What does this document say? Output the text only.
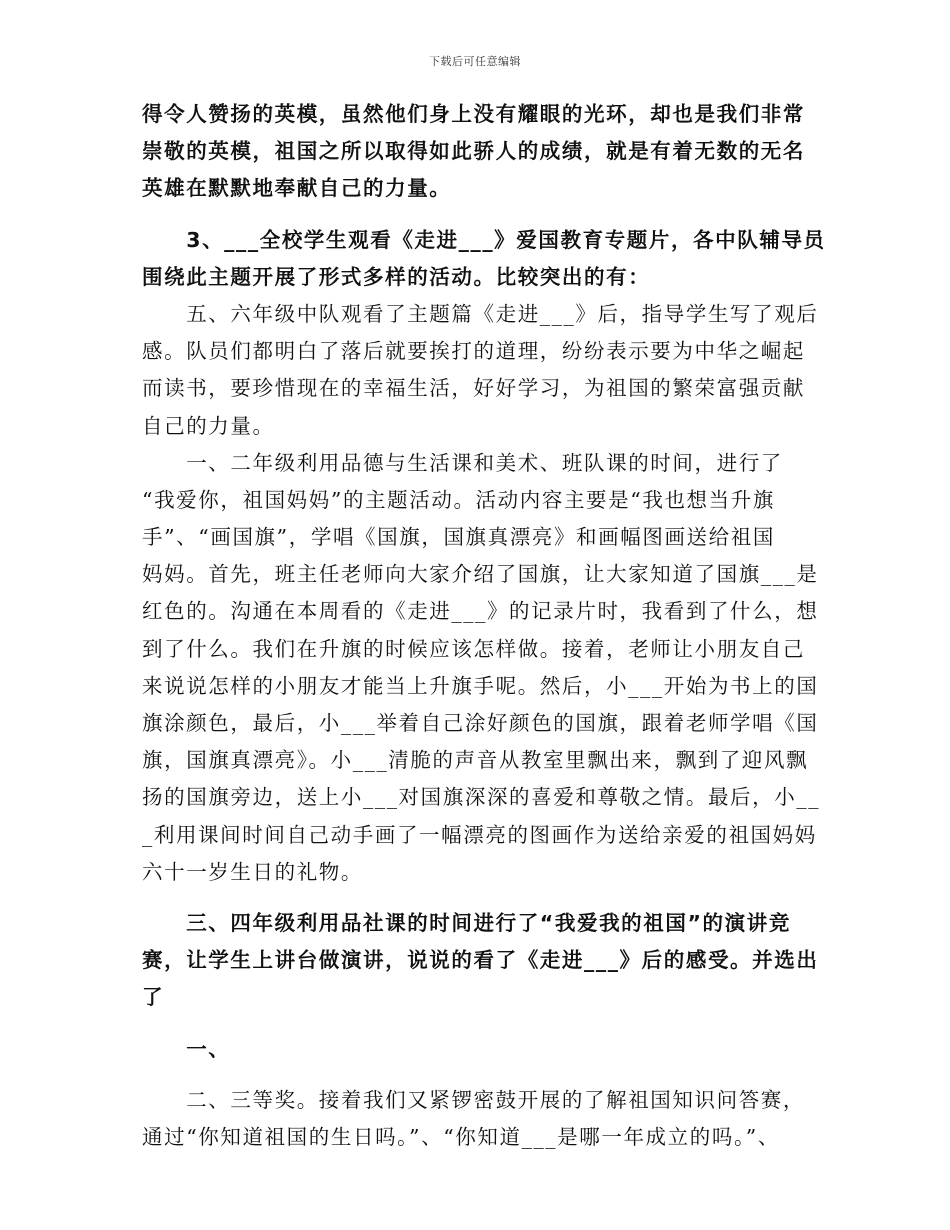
下载后可任意编辑
得令人赞扬的英模，虽然他们身上没有耀眼的光环，却也是我们非常
崇敬的英模，祖国之所以取得如此骄人的成绩，就是有着无数的无名
英雄在默默地奉献自己的力量。
　　3、___全校学生观看《走进___》爱国教育专题片，各中队辅导员
围绕此主题开展了形式多样的活动。比较突出的有：
　　五、六年级中队观看了主题篇《走进___》后，指导学生写了观后
感。队员们都明白了落后就要挨打的道理，纷纷表示要为中华之崛起
而读书，要珍惜现在的幸福生活，好好学习，为祖国的繁荣富强贡献
自己的力量。
　　一、二年级利用品德与生活课和美术、班队课的时间，进行了
“我爱你，祖国妈妈”的主题活动。活动内容主要是“我也想当升旗
手”、“画国旗”，学唱《国旗，国旗真漂亮》和画幅图画送给祖国
妈妈。首先，班主任老师向大家介绍了国旗，让大家知道了国旗___是
红色的。沟通在本周看的《走进___》的记录片时，我看到了什么，想
到了什么。我们在升旗的时候应该怎样做。接着，老师让小朋友自己
来说说怎样的小朋友才能当上升旗手呢。然后，小___开始为书上的国
旗涂颜色，最后，小___举着自己涂好颜色的国旗，跟着老师学唱《国
旗，国旗真漂亮》。小___清脆的声音从教室里飘出来，飘到了迎风飘
扬的国旗旁边，送上小___对国旗深深的喜爱和尊敬之情。最后，小__
_利用课间时间自己动手画了一幅漂亮的图画作为送给亲爱的祖国妈妈
六十一岁生日的礼物。
　　三、四年级利用品社课的时间进行了“我爱我的祖国”的演讲竞
赛，让学生上讲台做演讲，说说的看了《走进___》后的感受。并选出
了
　　一、
　　二、三等奖。接着我们又紧锣密鼓开展的了解祖国知识问答赛，
通过“你知道祖国的生日吗。”、“你知道___是哪一年成立的吗。”、
